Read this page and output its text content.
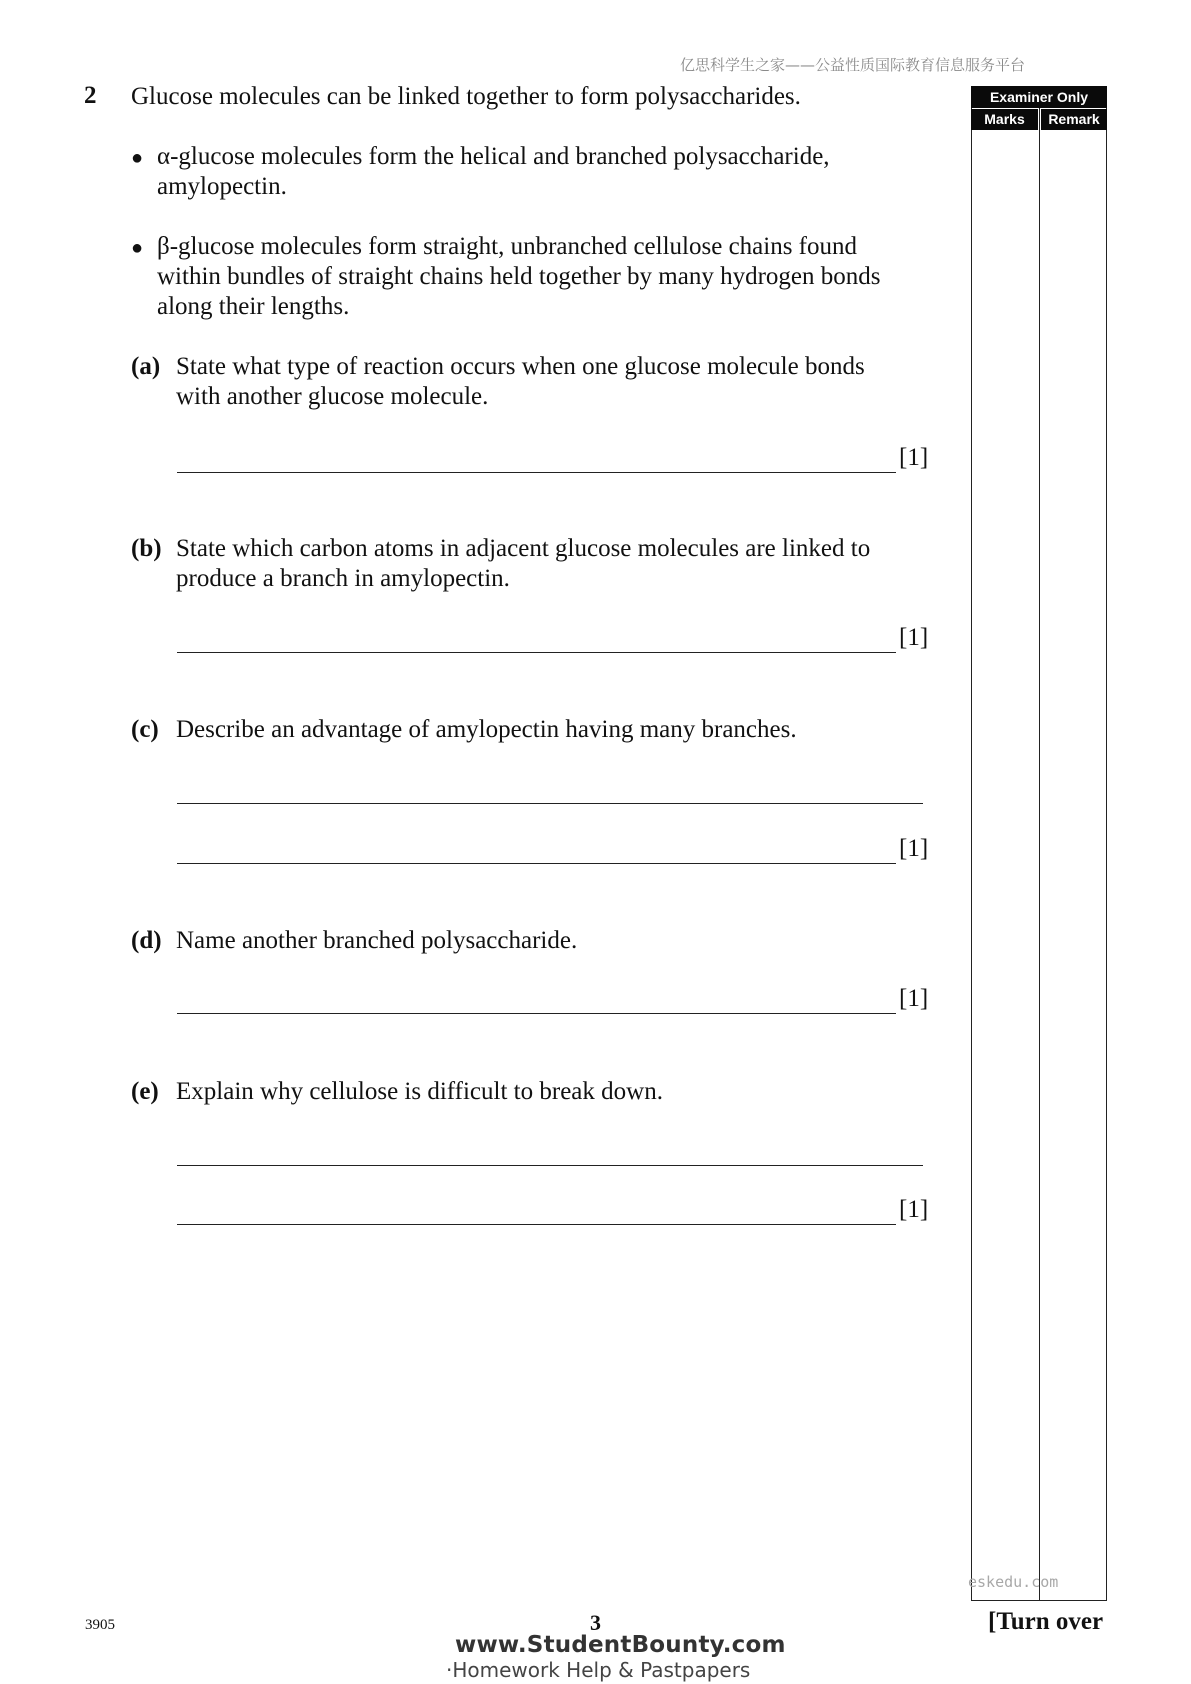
亿思科学生之家——公益性质国际教育信息服务平台
2 Glucose molecules can be linked together to form polysaccharides.
● α-glucose molecules form the helical and branched polysaccharide,
amylopectin.
● β-glucose molecules form straight, unbranched cellulose chains found
within bundles of straight chains held together by many hydrogen bonds
along their lengths.
(a) State what type of reaction occurs when one glucose molecule bonds
with another glucose molecule.
[1]
(b) State which carbon atoms in adjacent glucose molecules are linked to
produce a branch in amylopectin.
[1]
(c) Describe an advantage of amylopectin having many branches.
[1]
(d) Name another branched polysaccharide.
[1]
(e) Explain why cellulose is difficult to break down.
[1]
Examiner Only
Marks	Remark
eskedu.com
3905	3	[Turn over
www.StudentBounty.com
·Homework Help & Pastpapers
